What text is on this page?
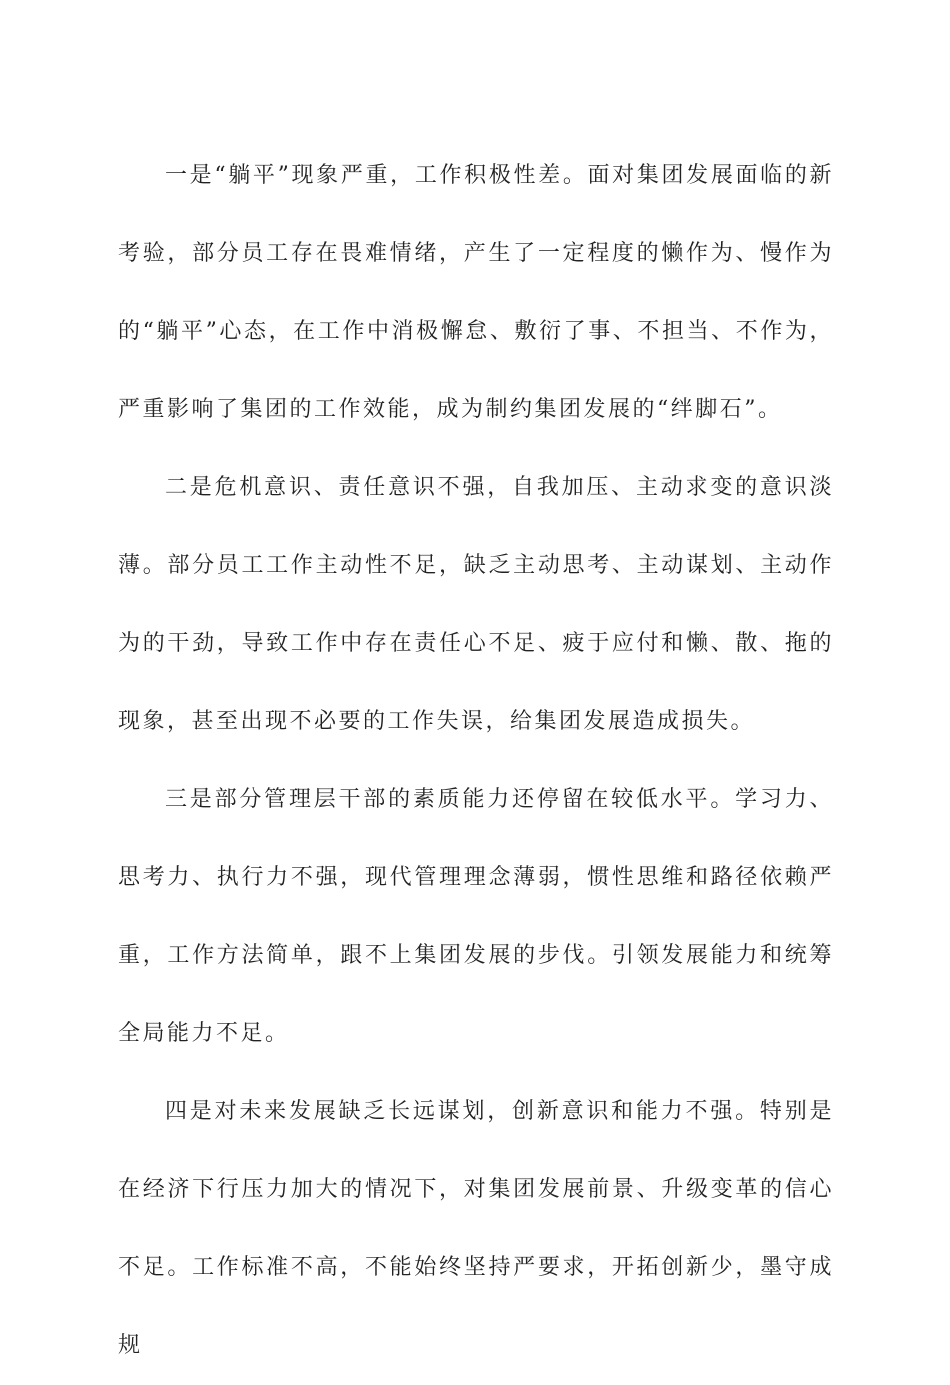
一是“躺平”现象严重，工作积极性差。面对集团发展面临的新考验，部分员工存在畏难情绪，产生了一定程度的懒作为、慢作为的“躺平”心态，在工作中消极懈怠、敷衍了事、不担当、不作为，严重影响了集团的工作效能，成为制约集团发展的“绊脚石”。

二是危机意识、责任意识不强，自我加压、主动求变的意识淡薄。部分员工工作主动性不足，缺乏主动思考、主动谋划、主动作为的干劲，导致工作中存在责任心不足、疲于应付和懒、散、拖的现象，甚至出现不必要的工作失误，给集团发展造成损失。

三是部分管理层干部的素质能力还停留在较低水平。学习力、思考力、执行力不强，现代管理理念薄弱，惯性思维和路径依赖严重，工作方法简单，跟不上集团发展的步伐。引领发展能力和统筹全局能力不足。

四是对未来发展缺乏长远谋划，创新意识和能力不强。特别是在经济下行压力加大的情况下，对集团发展前景、升级变革的信心不足。工作标准不高，不能始终坚持严要求，开拓创新少，墨守成规
